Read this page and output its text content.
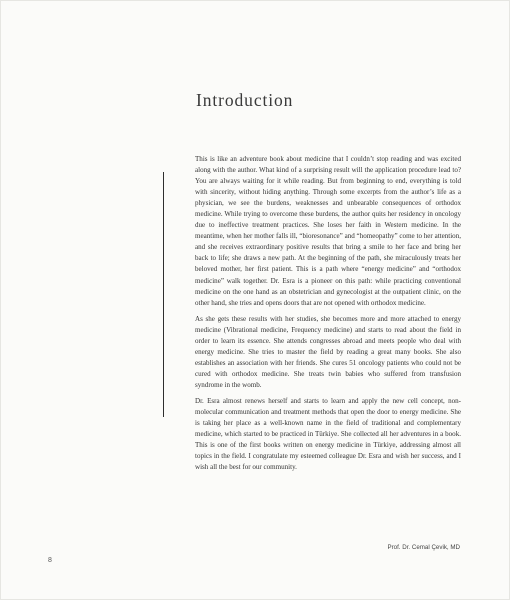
Introduction

This is like an adventure book about medicine that I couldn’t stop reading and was excited along with the author. What kind of a surprising result will the application procedure lead to? You are always waiting for it while reading. But from beginning to end, everything is told with sincerity, without hiding anything. Through some excerpts from the author’s life as a physician, we see the burdens, weaknesses and unbearable consequences of orthodox medicine. While trying to overcome these burdens, the author quits her residency in oncology due to ineffective treatment practices. She loses her faith in Western medicine. In the meantime, when her mother falls ill, “bioresonance” and “homeopathy” come to her attention, and she receives extraordinary positive results that bring a smile to her face and bring her back to life; she draws a new path. At the beginning of the path, she miraculously treats her beloved mother, her first patient. This is a path where “energy medicine” and “orthodox medicine” walk together. Dr. Esra is a pioneer on this path: while practicing conventional medicine on the one hand as an obstetrician and gynecologist at the outpatient clinic, on the other hand, she tries and opens doors that are not opened with orthodox medicine.

As she gets these results with her studies, she becomes more and more attached to energy medicine (Vibrational medicine, Frequency medicine) and starts to read about the field in order to learn its essence. She attends congresses abroad and meets people who deal with energy medicine. She tries to master the field by reading a great many books. She also establishes an association with her friends. She cures 51 oncology patients who could not be cured with orthodox medicine. She treats twin babies who suffered from transfusion syndrome in the womb.

Dr. Esra almost renews herself and starts to learn and apply the new cell concept, non-molecular communication and treatment methods that open the door to energy medicine. She is taking her place as a well-known name in the field of traditional and complementary medicine, which started to be practiced in Türkiye. She collected all her adventures in a book. This is one of the first books written on energy medicine in Türkiye, addressing almost all topics in the field. I congratulate my esteemed colleague Dr. Esra and wish her success, and I wish all the best for our community.

Prof. Dr. Cemal Çevik, MD
8
